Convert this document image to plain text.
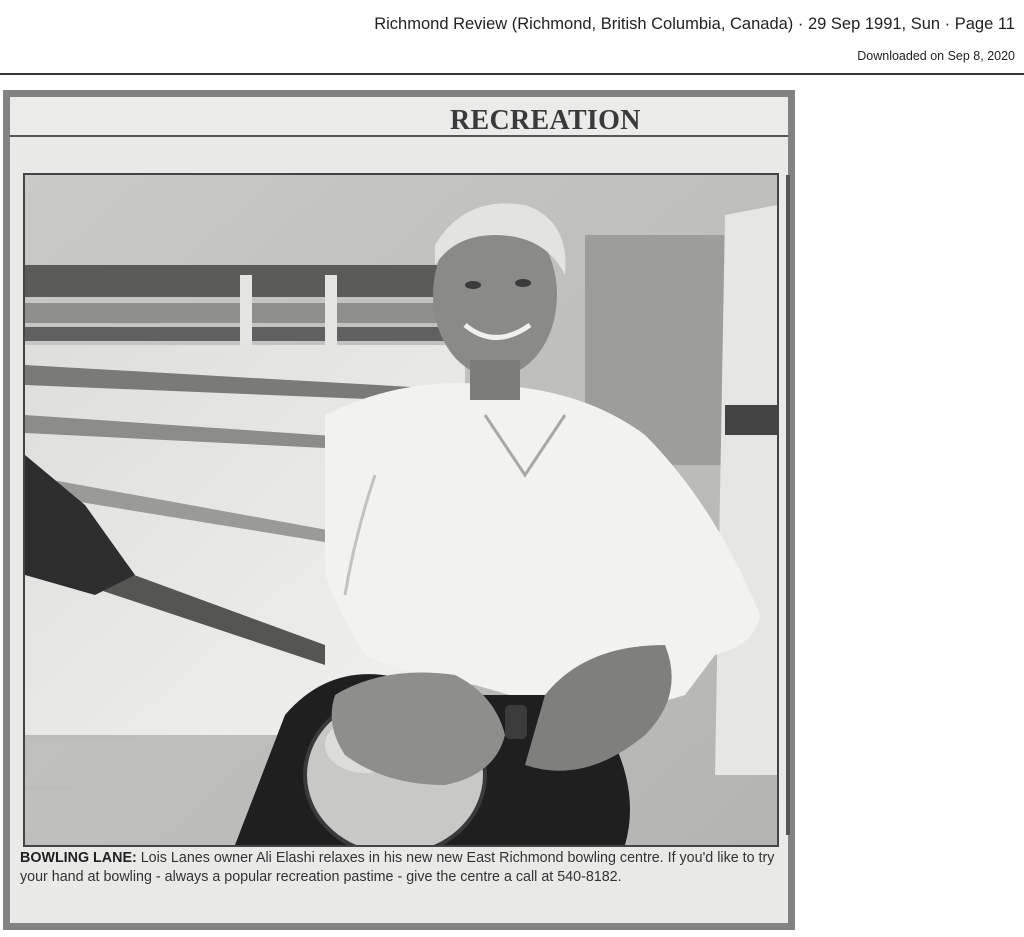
Richmond Review (Richmond, British Columbia, Canada) · 29 Sep 1991, Sun · Page 11
Downloaded on Sep 8, 2020
RECREATION
BOWLING LANE: Lois Lanes owner Ali Elashi relaxes in his new new East Richmond bowling centre. If you'd like to try your hand at bowling - always a popular recreation pastime - give the centre a call at 540-8182.
